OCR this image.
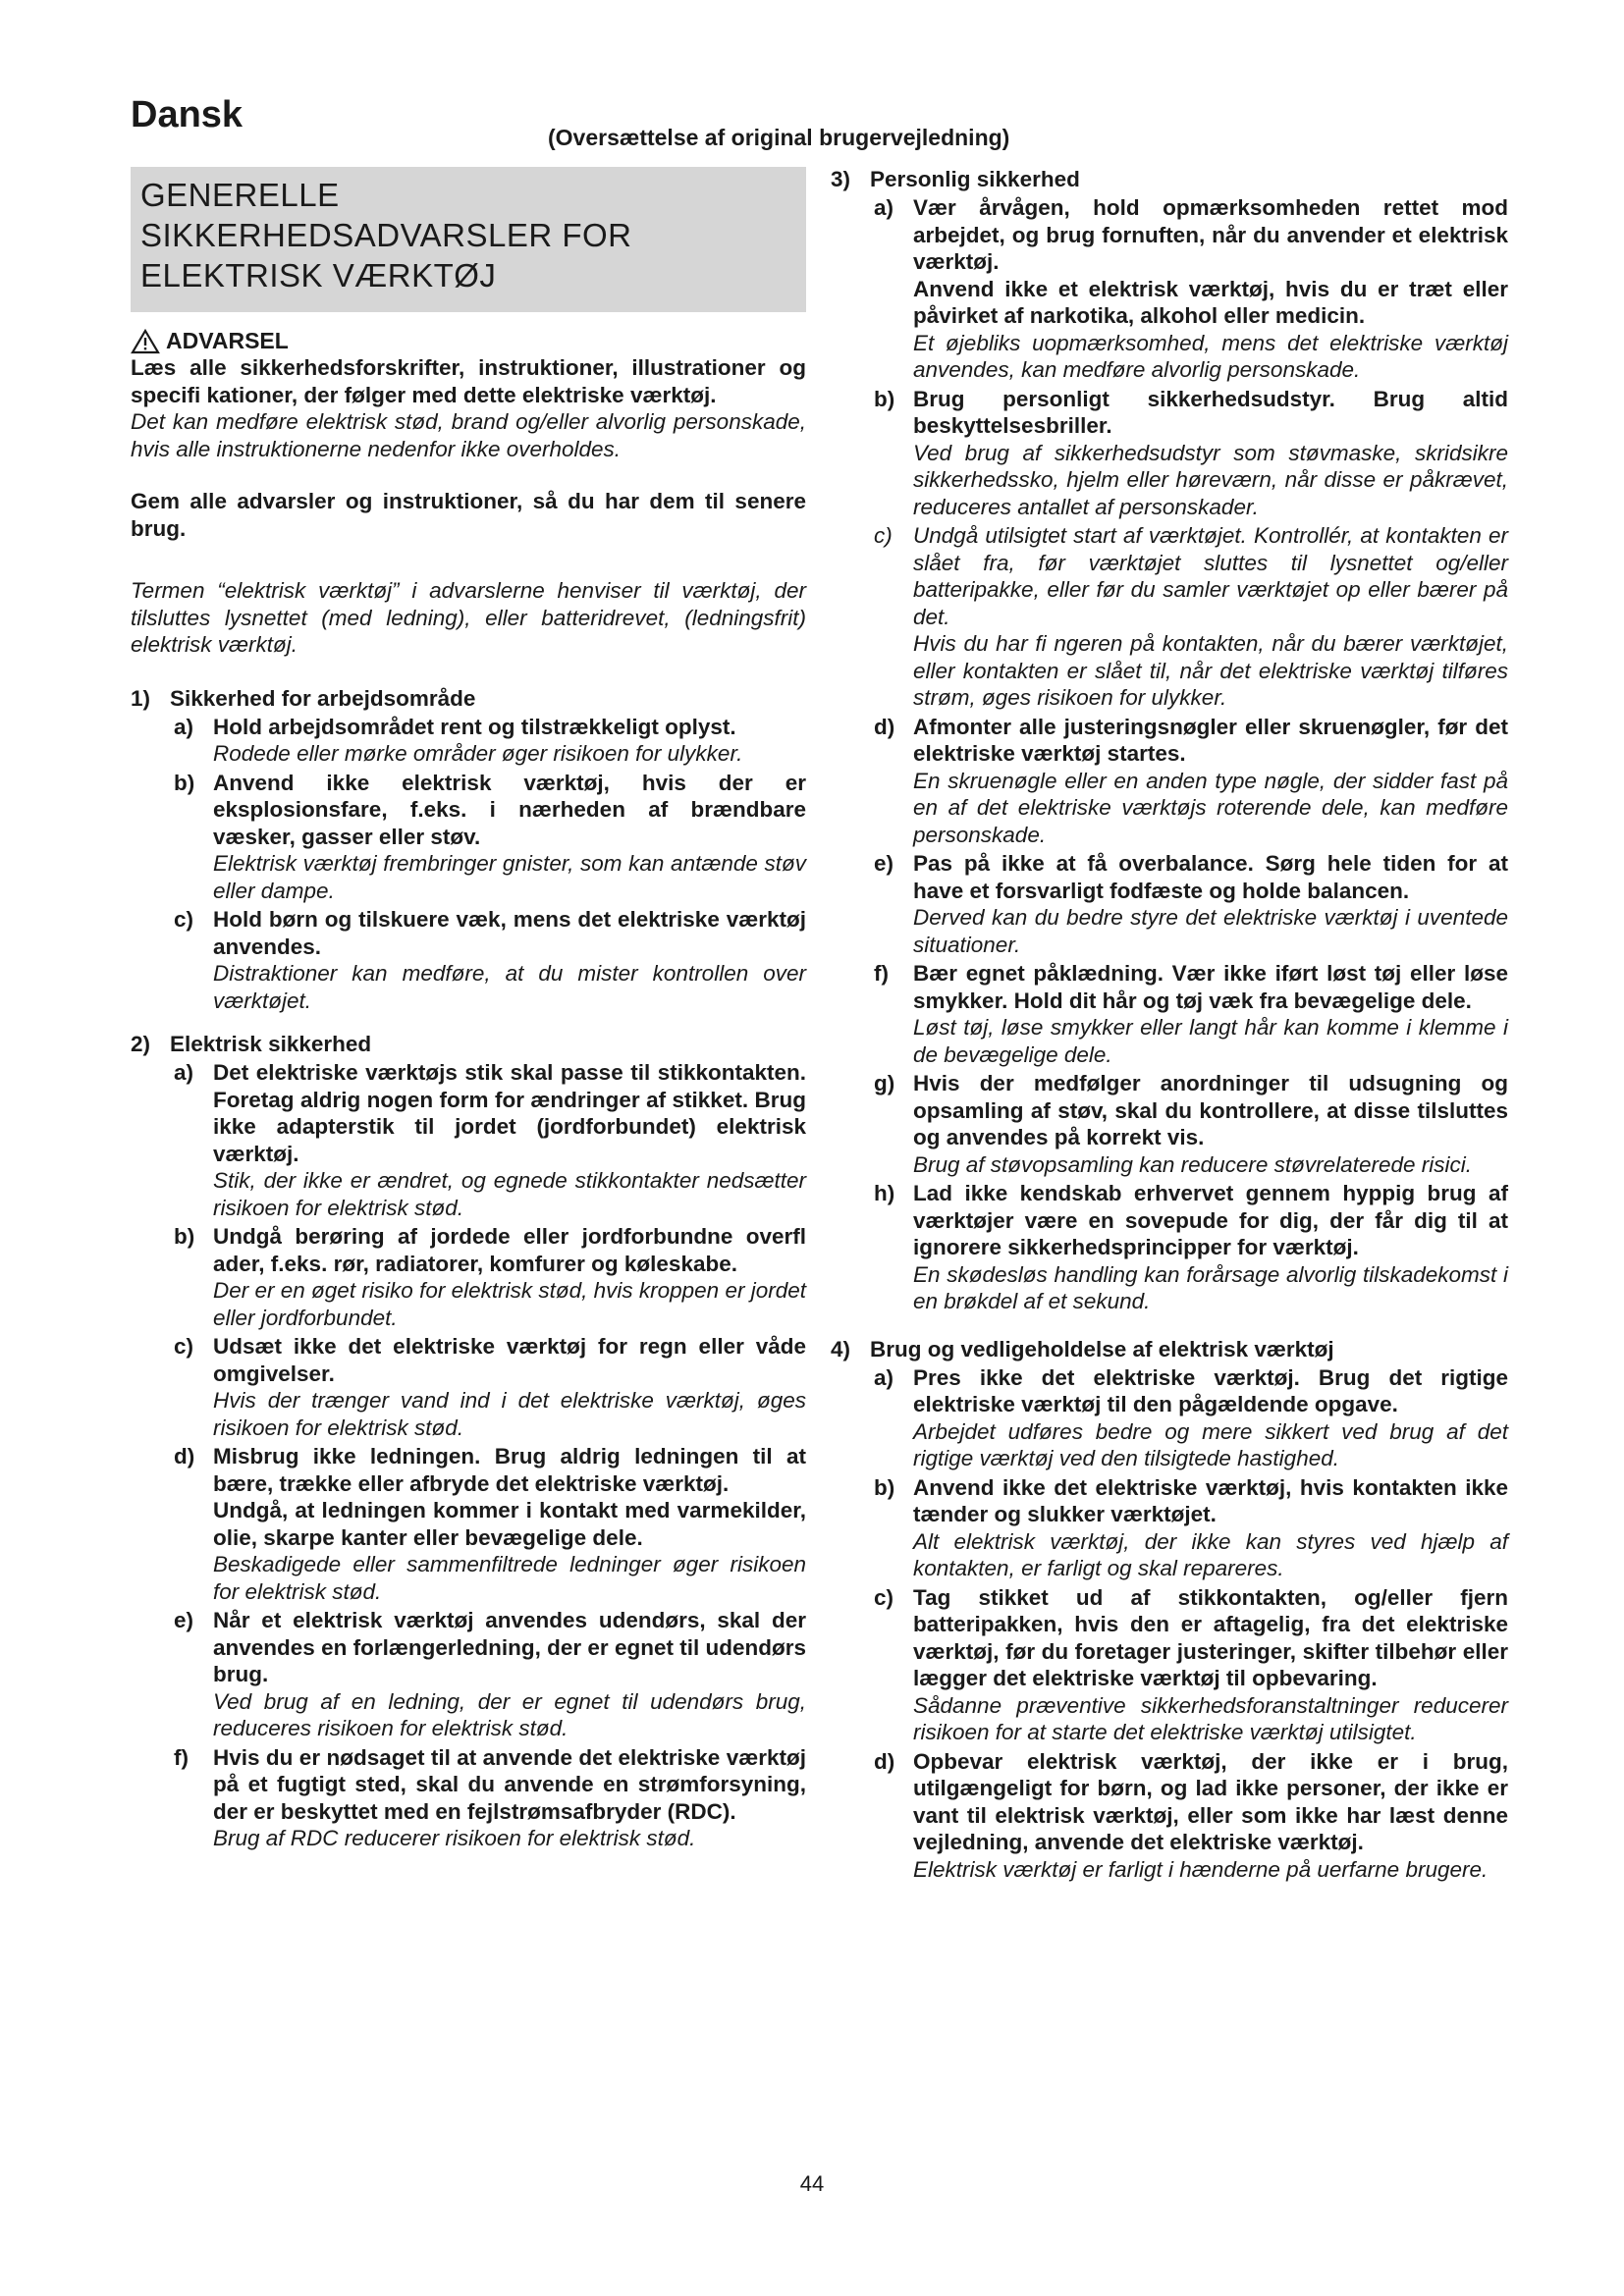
Dansk
(Oversættelse af original brugervejledning)
GENERELLE
SIKKERHEDSADVARSLER FOR
ELEKTRISK VÆRKTØJ
ADVARSEL

Læs alle sikkerhedsforskrifter, instruktioner, illustrationer og specifi kationer, der følger med dette elektriske værktøj.

Det kan medføre elektrisk stød, brand og/eller alvorlig personskade, hvis alle instruktionerne nedenfor ikke overholdes.

Gem alle advarsler og instruktioner, så du har dem til senere brug.

Termen “elektrisk værktøj” i advarslerne henviser til værktøj, der tilsluttes lysnettet (med ledning), eller batteridrevet, (ledningsfrit) elektrisk værktøj.

1) Sikkerhed for arbejdsområde
a) Hold arbejdsområdet rent og tilstrækkeligt oplyst.

Rodede eller mørke områder øger risikoen for ulykker.

b) Anvend ikke elektrisk værktøj, hvis der er eksplosionsfare, f.eks. i nærheden af brændbare væsker, gasser eller støv.

Elektrisk værktøj frembringer gnister, som kan antænde støv eller dampe.

c) Hold børn og tilskuere væk, mens det elektriske værktøj anvendes.

Distraktioner kan medføre, at du mister kontrollen over værktøjet.

2) Elektrisk sikkerhed
a) Det elektriske værktøjs stik skal passe til stikkontakten. Foretag aldrig nogen form for ændringer af stikket. Brug ikke adapterstik til jordet (jordforbundet) elektrisk værktøj.

Stik, der ikke er ændret, og egnede stikkontakter nedsætter risikoen for elektrisk stød.

b) Undgå berøring af jordede eller jordforbundne overfl ader, f.eks. rør, radiatorer, komfurer og køleskabe.

Der er en øget risiko for elektrisk stød, hvis kroppen er jordet eller jordforbundet.

c) Udsæt ikke det elektriske værktøj for regn eller våde omgivelser.

Hvis der trænger vand ind i det elektriske værktøj, øges risikoen for elektrisk stød.

d) Misbrug ikke ledningen. Brug aldrig ledningen til at bære, trække eller afbryde det elektriske værktøj.

Undgå, at ledningen kommer i kontakt med varmekilder, olie, skarpe kanter eller bevægelige dele.

Beskadigede eller sammenfiltrede ledninger øger risikoen for elektrisk stød.

e) Når et elektrisk værktøj anvendes udendørs, skal der anvendes en forlængerledning, der er egnet til udendørs brug.

Ved brug af en ledning, der er egnet til udendørs brug, reduceres risikoen for elektrisk stød.

f)	Hvis du er nødsaget til at anvende det elektriske værktøj på et fugtigt sted, skal du anvende en strømforsyning, der er beskyttet med en fejlstrømsafbryder (RDC).

Brug af RDC reducerer risikoen for elektrisk stød.

3) Personlig sikkerhed
a) Vær årvågen, hold opmærksomheden rettet mod arbejdet, og brug fornuften, når du anvender et elektrisk værktøj.

Anvend ikke et elektrisk værktøj, hvis du er træt eller påvirket af narkotika, alkohol eller medicin.

Et øjebliks uopmærksomhed, mens det elektriske værktøj anvendes, kan medføre alvorlig personskade.

b) Brug personligt sikkerhedsudstyr. Brug altid beskyttelsesbriller.

Ved brug af sikkerhedsudstyr som støvmaske, skridsikre sikkerhedssko, hjelm eller høreværn, når disse er påkrævet, reduceres antallet af personskader.

c) Undgå utilsigtet start af værktøjet. Kontrollér, at kontakten er slået fra, før værktøjet sluttes til lysnettet og/eller batteripakke, eller før du samler værktøjet op eller bærer på det.

Hvis du har fi ngeren på kontakten, når du bærer værktøjet, eller kontakten er slået til, når det elektriske værktøj tilføres strøm, øges risikoen for ulykker.

d) Afmonter alle justeringsnøgler eller skruenøgler, før det elektriske værktøj startes.

En skruenøgle eller en anden type nøgle, der sidder fast på en af det elektriske værktøjs roterende dele, kan medføre personskade.

e) Pas på ikke at få overbalance. Sørg hele tiden for at have et forsvarligt fodfæste og holde balancen.

Derved kan du bedre styre det elektriske værktøj i uventede situationer.

f)	Bær egnet påklædning. Vær ikke iført løst tøj eller løse smykker. Hold dit hår og tøj væk fra bevægelige dele.

Løst tøj, løse smykker eller langt hår kan komme i klemme i de bevægelige dele.

g) Hvis der medfølger anordninger til udsugning og opsamling af støv, skal du kontrollere, at disse tilsluttes og anvendes på korrekt vis.

Brug af støvopsamling kan reducere støvrelaterede risici.

h) Lad ikke kendskab erhvervet gennem hyppig brug af værktøjer være en sovepude for dig, der får dig til at ignorere sikkerhedsprincipper for værktøj.

En skødesløs handling kan forårsage alvorlig tilskadekomst i en brøkdel af et sekund.

4) Brug og vedligeholdelse af elektrisk værktøj
a) Pres ikke det elektriske værktøj. Brug det rigtige elektriske værktøj til den pågældende opgave.

Arbejdet udføres bedre og mere sikkert ved brug af det rigtige værktøj ved den tilsigtede hastighed.

b) Anvend ikke det elektriske værktøj, hvis kontakten ikke tænder og slukker værktøjet.

Alt elektrisk værktøj, der ikke kan styres ved hjælp af kontakten, er farligt og skal repareres.

c) Tag stikket ud af stikkontakten, og/eller fjern batteripakken, hvis den er aftagelig, fra det elektriske værktøj, før du foretager justeringer, skifter tilbehør eller lægger det elektriske værktøj til opbevaring.

Sådanne præventive sikkerhedsforanstaltninger reducerer risikoen for at starte det elektriske værktøj utilsigtet.

d) Opbevar elektrisk værktøj, der ikke er i brug, utilgængeligt for børn, og lad ikke personer, der ikke er vant til elektrisk værktøj, eller som ikke har læst denne vejledning, anvende det elektriske værktøj.

Elektrisk værktøj er farligt i hænderne på uerfarne brugere.

44
